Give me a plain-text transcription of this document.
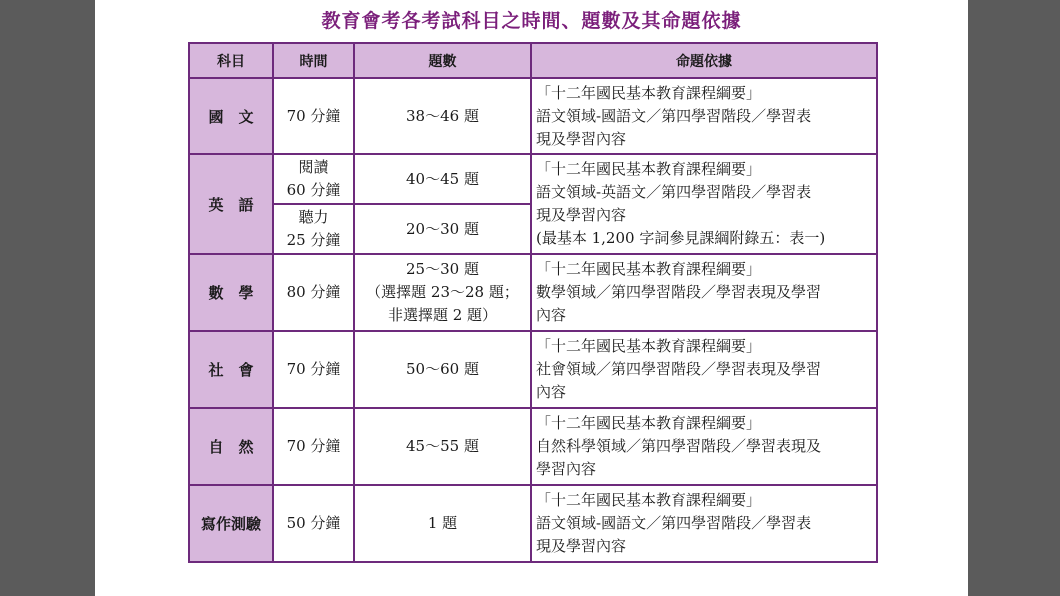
教育會考各考試科目之時間、題數及其命題依據
科目	時間	題數	命題依據
國　文	70 分鐘	38～46 題	「十二年國民基本教育課程綱要」
語文領域-國語文／第四學習階段／學習表
現及學習內容

英　語	閱讀
60 分鐘	40～45 題	「十二年國民基本教育課程綱要」
語文領域-英語文／第四學習階段／學習表
現及學習內容
(最基本 1,200 字詞參見課綱附錄五：表一)

	聽力
25 分鐘	20～30 題	
數　學	80 分鐘	25～30 題
（選擇題 23～28 題；
非選擇題 2 題）	「十二年國民基本教育課程綱要」
數學領域／第四學習階段／學習表現及學習
內容

社　會	70 分鐘	50～60 題	「十二年國民基本教育課程綱要」
社會領域／第四學習階段／學習表現及學習
內容

自　然	70 分鐘	45～55 題	「十二年國民基本教育課程綱要」
自然科學領域／第四學習階段／學習表現及
學習內容

寫作測驗	50 分鐘	1 題	「十二年國民基本教育課程綱要」
語文領域-國語文／第四學習階段／學習表
現及學習內容
